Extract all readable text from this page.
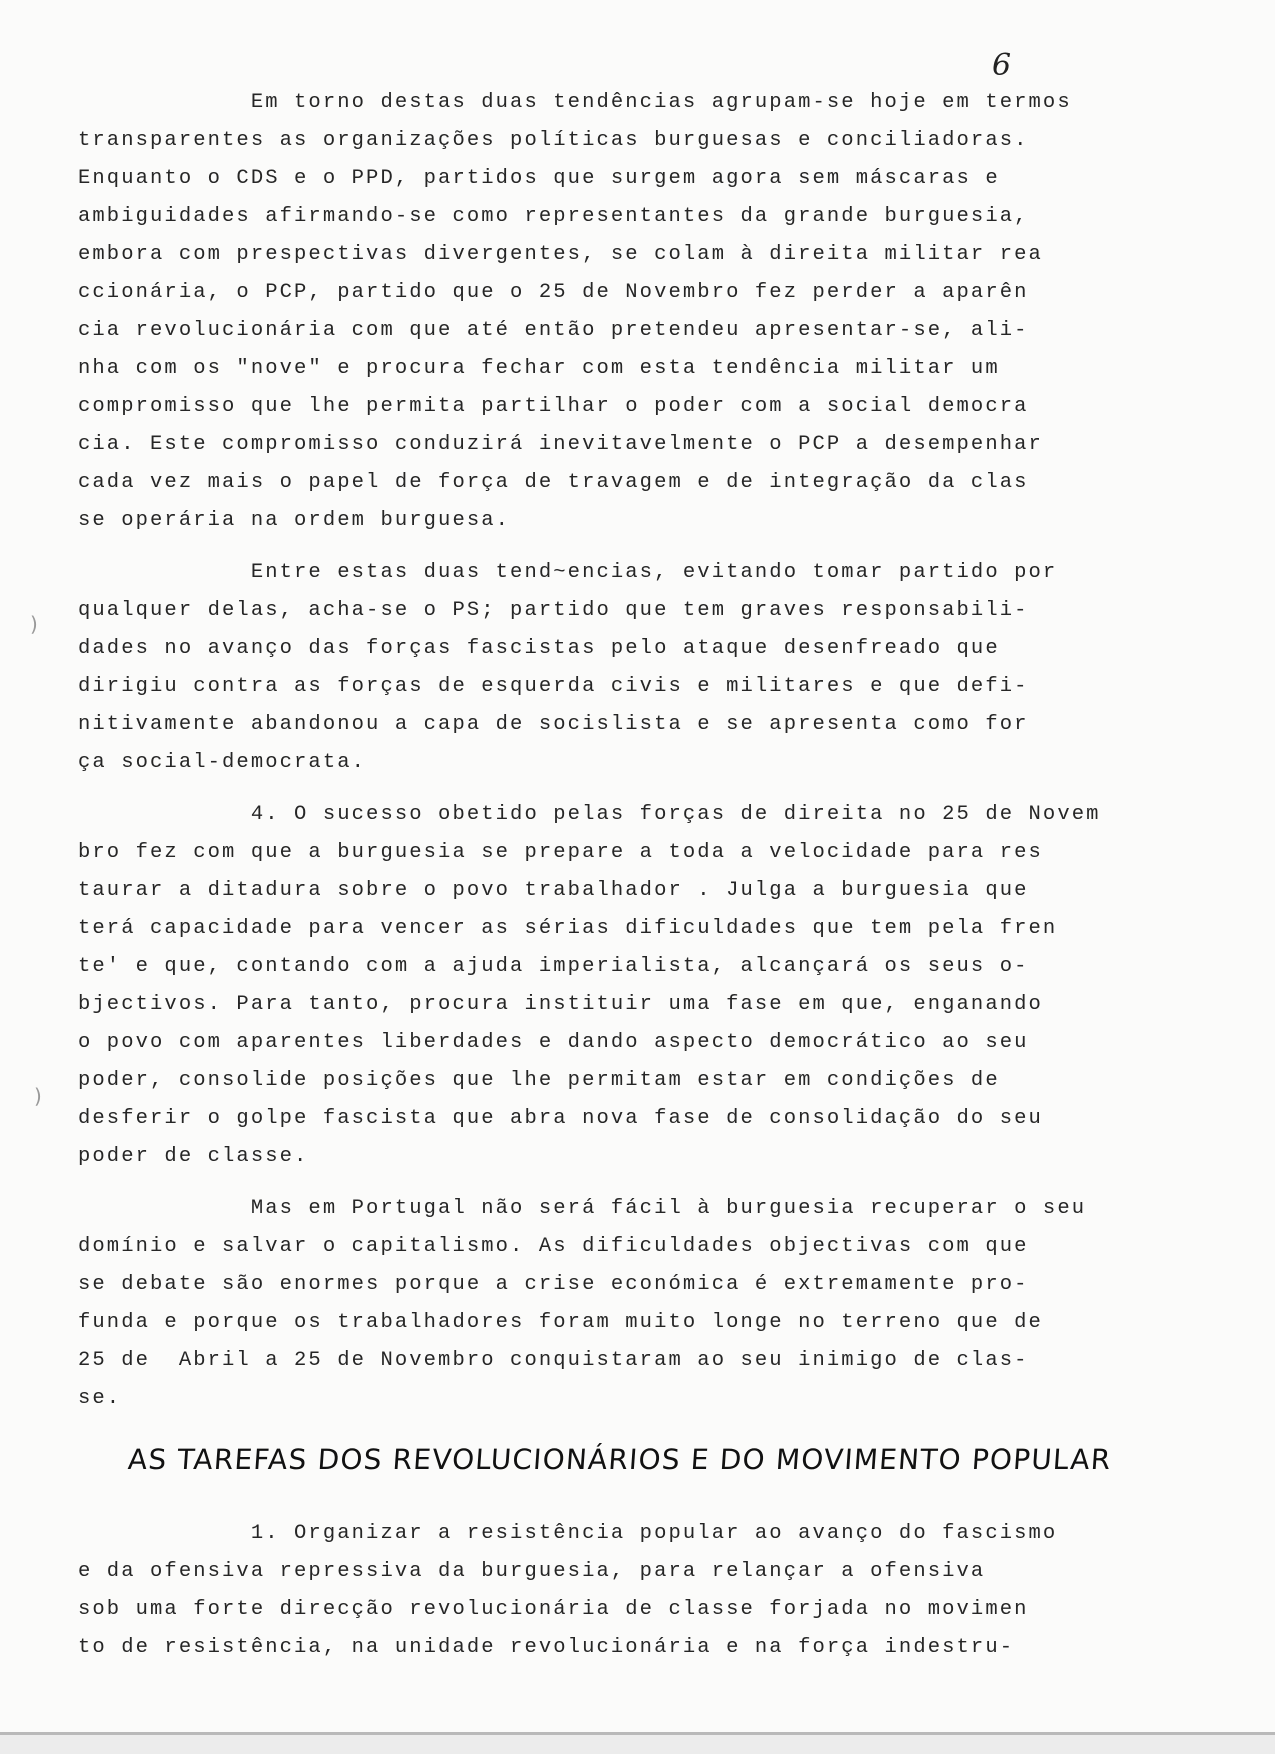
6
Em torno destas duas tendências agrupam-se hoje em termos
transparentes as organizações políticas burguesas e conciliadoras.
Enquanto o CDS e o PPD, partidos que surgem agora sem máscaras e
ambiguidades afirmando-se como representantes da grande burguesia,
embora com prespectivas divergentes, se colam à direita militar rea
ccionária, o PCP, partido que o 25 de Novembro fez perder a aparên
cia revolucionária com que até então pretendeu apresentar-se, ali-
nha com os "nove" e procura fechar com esta tendência militar um
compromisso que lhe permita partilhar o poder com a social democra
cia. Este compromisso conduzirá inevitavelmente o PCP a desempenhar
cada vez mais o papel de força de travagem e de integração da clas
se operária na ordem burguesa.
Entre estas duas tend~encias, evitando tomar partido por
qualquer delas, acha-se o PS; partido que tem graves responsabili-
dades no avanço das forças fascistas pelo ataque desenfreado que
dirigiu contra as forças de esquerda civis e militares e que defi-
nitivamente abandonou a capa de socislista e se apresenta como for
ça social-democrata.
4. O sucesso obetido pelas forças de direita no 25 de Novem
bro fez com que a burguesia se prepare a toda a velocidade para res
taurar a ditadura sobre o povo trabalhador . Julga a burguesia que
terá capacidade para vencer as sérias dificuldades que tem pela fren
te' e que, contando com a ajuda imperialista, alcançará os seus o-
bjectivos. Para tanto, procura instituir uma fase em que, enganando
o povo com aparentes liberdades e dando aspecto democrático ao seu
poder, consolide posições que lhe permitam estar em condições de
desferir o golpe fascista que abra nova fase de consolidação do seu
poder de classe.
Mas em Portugal não será fácil à burguesia recuperar o seu
domínio e salvar o capitalismo. As dificuldades objectivas com que
se debate são enormes porque a crise económica é extremamente pro-
funda e porque os trabalhadores foram muito longe no terreno que de
25 de  Abril a 25 de Novembro conquistaram ao seu inimigo de clas-
se.
AS TAREFAS DOS REVOLUCIONÁRIOS E DO MOVIMENTO POPULAR
1. Organizar a resistência popular ao avanço do fascismo
e da ofensiva repressiva da burguesia, para relançar a ofensiva
sob uma forte direcção revolucionária de classe forjada no movimen
to de resistência, na unidade revolucionária e na força indestru-
)
)
